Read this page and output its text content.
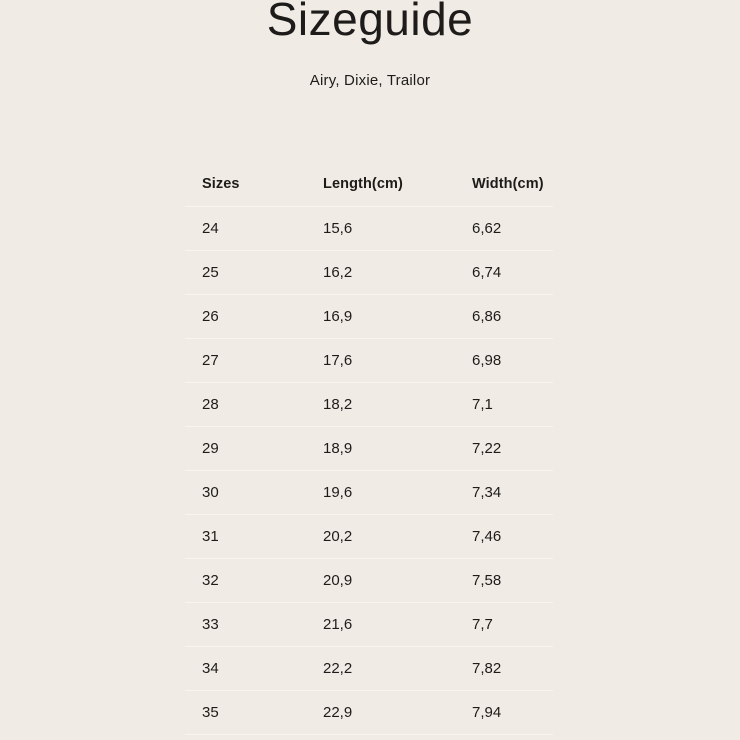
Sizeguide
Airy, Dixie, Trailor
Sizes	Length(cm)	Width(cm)
24	15,6	6,62
25	16,2	6,74
26	16,9	6,86
27	17,6	6,98
28	18,2	7,1
29	18,9	7,22
30	19,6	7,34
31	20,2	7,46
32	20,9	7,58
33	21,6	7,7
34	22,2	7,82
35	22,9	7,94
